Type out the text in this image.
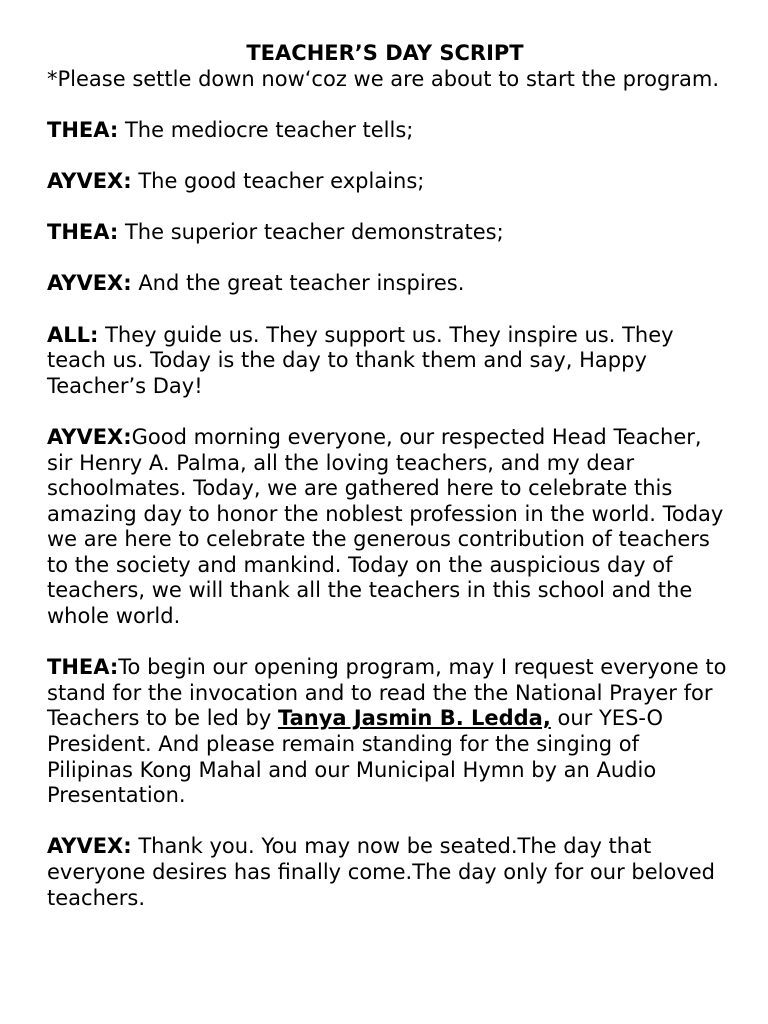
TEACHER’S DAY SCRIPT
*Please settle down now‘coz we are about to start the program.
THEA: The mediocre teacher tells;
AYVEX: The good teacher explains;
THEA: The superior teacher demonstrates;
AYVEX: And the great teacher inspires.
ALL: They guide us. They support us. They inspire us. They teach us. Today is the day to thank them and say, Happy Teacher’s Day!
AYVEX:Good morning everyone, our respected Head Teacher, sir Henry A. Palma, all the loving teachers, and my dear schoolmates. Today, we are gathered here to celebrate this amazing day to honor the noblest profession in the world. Today we are here to celebrate the generous contribution of teachers to the society and mankind. Today on the auspicious day of teachers, we will thank all the teachers in this school and the whole world.
THEA:To begin our opening program, may I request everyone to stand for the invocation and to read the the National Prayer for Teachers to be led by Tanya Jasmin B. Ledda, our YES-O President. And please remain standing for the singing of Pilipinas Kong Mahal and our Municipal Hymn by an Audio Presentation.
AYVEX: Thank you. You may now be seated.The day that everyone desires has finally come.The day only for our beloved teachers.
